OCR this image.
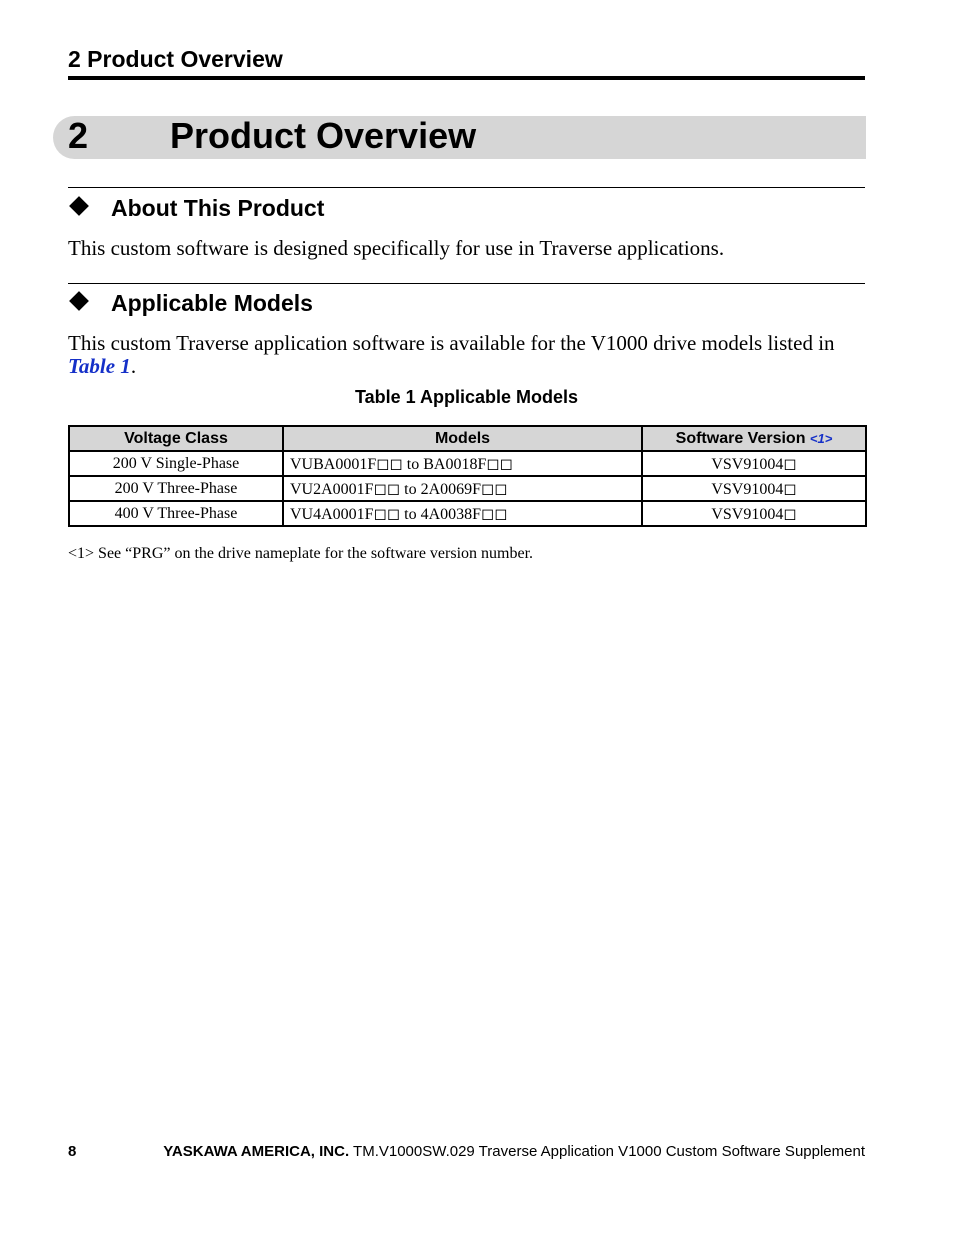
2 Product Overview
2 Product Overview
About This Product
This custom software is designed specifically for use in Traverse applications.
Applicable Models
This custom Traverse application software is available for the V1000 drive models listed in
Table 1.
Table 1 Applicable Models
Voltage Class	Models	Software Version <1>
200 V Single-Phase	VUBA0001F◻◻ to BA0018F◻◻	VSV91004◻
200 V Three-Phase	VU2A0001F◻◻ to 2A0069F◻◻	VSV91004◻
400 V Three-Phase	VU4A0001F◻◻ to 4A0038F◻◻	VSV91004◻
<1> See “PRG” on the drive nameplate for the software version number.
8	YASKAWA AMERICA, INC. TM.V1000SW.029 Traverse Application V1000 Custom Software Supplement
